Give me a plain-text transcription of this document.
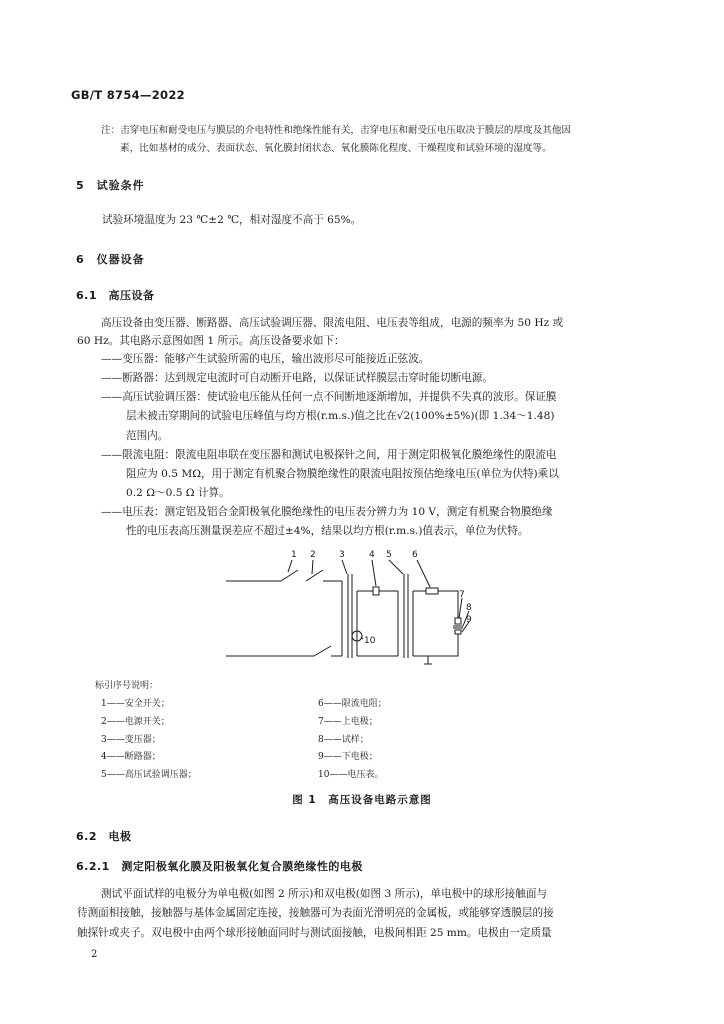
GB/T 8754—2022
注：击穿电压和耐受电压与膜层的介电特性和绝缘性能有关，击穿电压和耐受压电压取决于膜层的厚度及其他因
素，比如基材的成分、表面状态、氧化膜封闭状态、氧化膜陈化程度、干燥程度和试验环境的湿度等。
5　试验条件
试验环境温度为 23 ℃±2 ℃，相对湿度不高于 65%。
6　仪器设备
6.1　高压设备
高压设备由变压器、断路器、高压试验调压器、限流电阻、电压表等组成，电源的频率为 50 Hz 或
60 Hz。其电路示意图如图 1 所示。高压设备要求如下：
——变压器：能够产生试验所需的电压，输出波形尽可能接近正弦波。
——断路器：达到规定电流时可自动断开电路，以保证试样膜层击穿时能切断电源。
——高压试验调压器：使试验电压能从任何一点不间断地逐渐增加，并提供不失真的波形。保证膜
层未被击穿期间的试验电压峰值与均方根(r.m.s.)值之比在√2(100%±5%)(即 1.34～1.48)
范围内。
——限流电阻：限流电阻串联在变压器和测试电极探针之间，用于测定阳极氧化膜绝缘性的限流电
阻应为 0.5 MΩ，用于测定有机聚合物膜绝缘性的限流电阻按预估绝缘电压(单位为伏特)乘以
0.2 Ω～0.5 Ω 计算。
——电压表：测定铝及铝合金阳极氧化膜绝缘性的电压表分辨力为 10 V，测定有机聚合物膜绝缘
性的电压表高压测量误差应不超过±4%，结果以均方根(r.m.s.)值表示，单位为伏特。
1 2	3	4 5 6
7
8
9
10
标引序号说明：
1——安全开关；
2——电源开关；
3——变压器；
4——断路器；
5——高压试验调压器；
6——限流电阻；
7——上电极；
8——试样；
9——下电极；
10——电压表。
图 1　高压设备电路示意图
6.2　电极
6.2.1　测定阳极氧化膜及阳极氧化复合膜绝缘性的电极
测试平面试样的电极分为单电极(如图 2 所示)和双电极(如图 3 所示)，单电极中的球形接触面与
待测面相接触，接触器与基体金属固定连接，接触器可为表面光滑明亮的金属板，或能够穿透膜层的接
触探针或夹子。双电极中由两个球形接触面同时与测试面接触，电极间相距 25 mm。电极由一定质量
2
